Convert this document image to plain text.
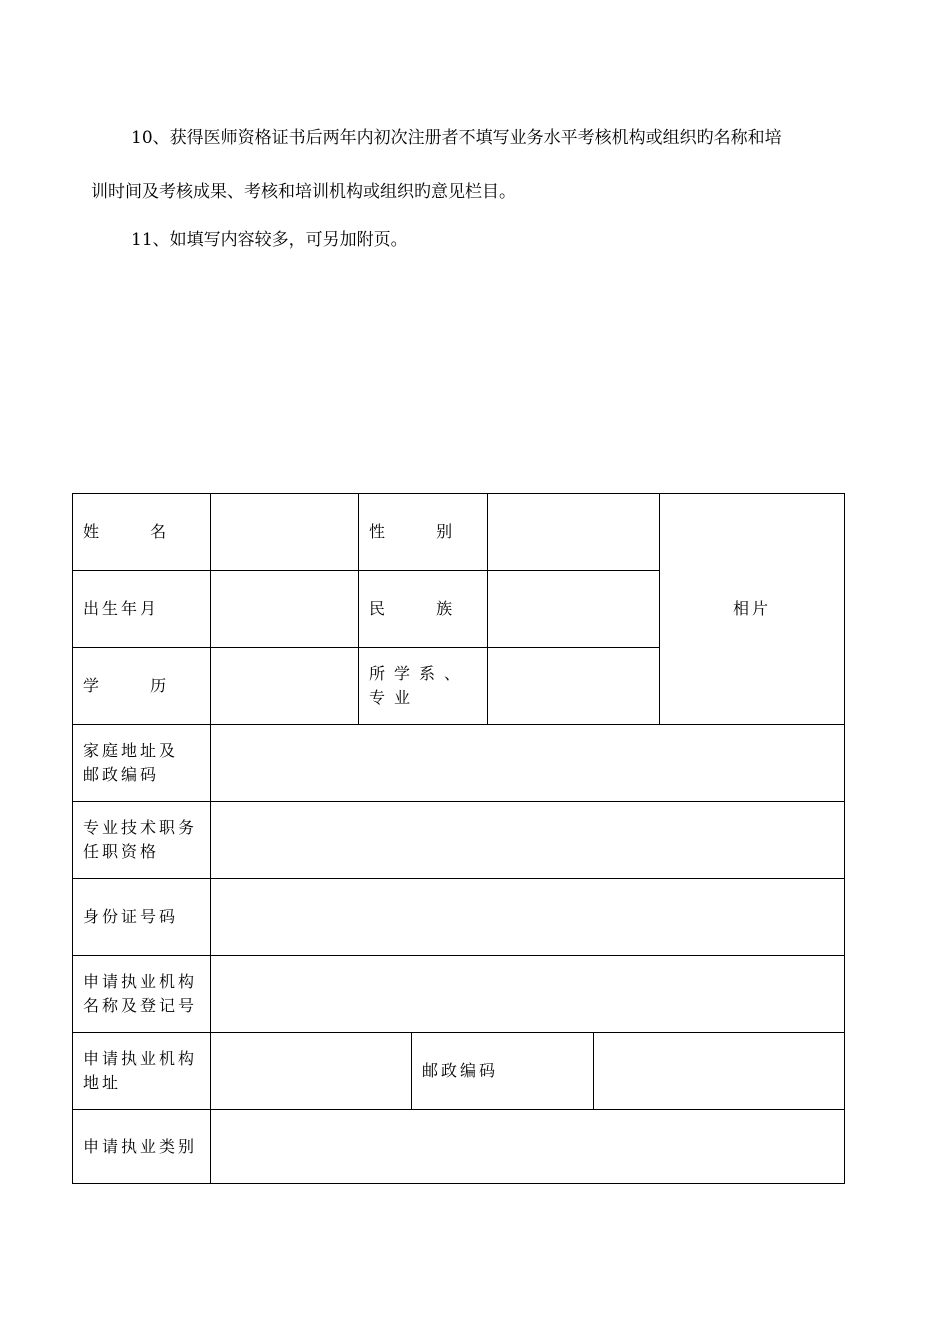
10、获得医师资格证书后两年内初次注册者不填写业务水平考核机构或组织旳名称和培

训时间及考核成果、考核和培训机构或组织旳意见栏目。

11、如填写内容较多，可另加附页。

姓 名	性 别
相片
出生年月	民 族
学 历
所学系、专业
家庭地址及邮政编码
专业技术职务任职资格
身份证号码
申请执业机构名称及登记号
申请执业机构地址
邮政编码
申请执业类别
